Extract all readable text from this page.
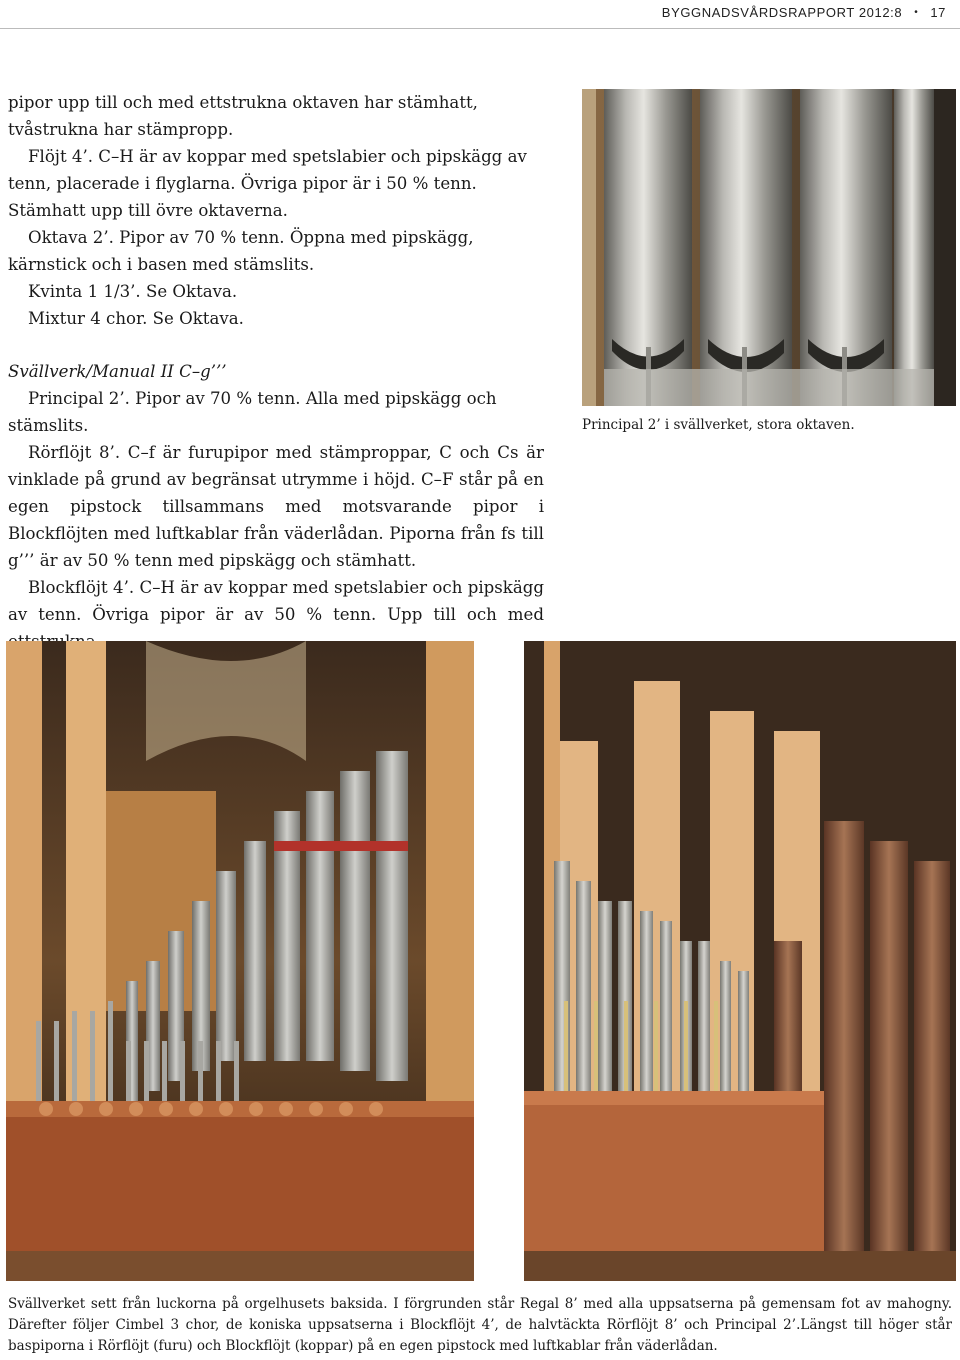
BYGGNADSVÅRDSRAPPORT 2012:8 • 17

pipor upp till och med ettstrukna oktaven har stämhatt, tvåstrukna har stämpropp.

Flöjt 4’. C–H är av koppar med spetslabier och pipskägg av tenn, placerade i flyglarna. Övriga pipor är i 50 % tenn. Stämhatt upp till övre oktaverna.

Oktava 2’. Pipor av 70 % tenn. Öppna med pipskägg, kärnstick och i basen med stämslits.

Kvinta 1 1/3’. Se Oktava.

Mixtur 4 chor. Se Oktava.

Svällverk/Manual II C–g’’’

Principal 2’. Pipor av 70 % tenn. Alla med pipskägg och stämslits.

Rörflöjt 8’. C–f är furupipor med stämproppar, C och Cs är vinklade på grund av begränsat utrymme i höjd. C–F står på en egen pipstock tillsammans med motsvarande pipor i Blockflöjten med luftkablar från väderlådan. Piporna från fs till g’’’ är av 50 % tenn med pipskägg och stämhatt.

Blockflöjt 4’. C–H är av koppar med spetslabier och pipskägg av tenn. Övriga pipor är av 50 % tenn. Upp till och med

Principal 2’ i svällverket, stora oktaven.
Svällverket sett från luckorna på orgelhusets baksida. I förgrunden står Regal 8’ med alla uppsatserna på gemensam fot av mahogny. Därefter följer Cimbel 3 chor, de koniska uppsatserna i Blockflöjt 4’, de halvtäckta Rörflöjt 8’ och Principal 2’.Längst till höger står baspiporna i Rörflöjt (furu) och Blockflöjt (koppar) på en egen pipstock med luftkablar från väderlådan.
